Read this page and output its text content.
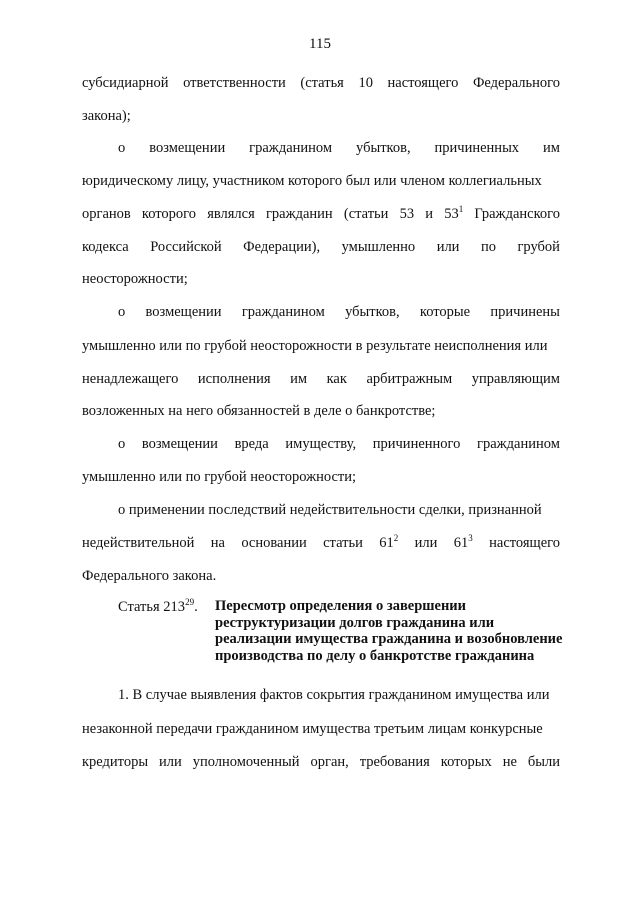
115
субсидиарной ответственности (статья 10 настоящего Федерального
закона);
о возмещении гражданином убытков, причиненных им
юридическому лицу, участником которого был или членом коллегиальных
органов которого являлся гражданин (статьи 53 и $53^1$ Гражданского
кодекса Российской Федерации), умышленно или по грубой
неосторожности;
о возмещении гражданином убытков, которые причинены
умышленно или по грубой неосторожности в результате неисполнения или
ненадлежащего исполнения им как арбитражным управляющим
возложенных на него обязанностей в деле о банкротстве;
о возмещении вреда имуществу, причиненного гражданином
умышленно или по грубой неосторожности;
о применении последствий недействительности сделки, признанной
недействительной на основании статьи $61^2$ или $61^3$ настоящего
Федерального закона.
Статья $213^{29}$. Пересмотр определения о завершении
реструктуризации долгов гражданина или
реализации имущества гражданина и возобновление
производства по делу о банкротстве гражданина
1. В случае выявления фактов сокрытия гражданином имущества или
незаконной передачи гражданином имущества третьим лицам конкурсные
кредиторы или уполномоченный орган, требования которых не были
